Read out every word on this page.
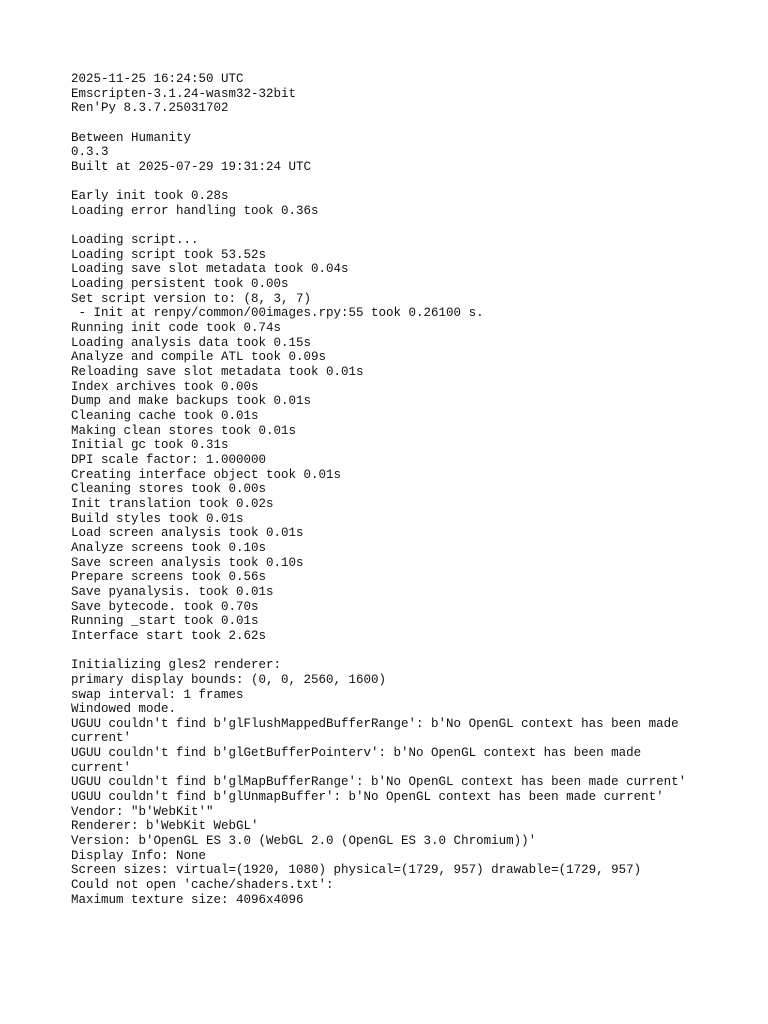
2025-11-25 16:24:50 UTC
Emscripten-3.1.24-wasm32-32bit
Ren'Py 8.3.7.25031702
Between Humanity
0.3.3
Built at 2025-07-29 19:31:24 UTC
Early init took 0.28s
Loading error handling took 0.36s
Loading script...
Loading script took 53.52s
Loading save slot metadata took 0.04s
Loading persistent took 0.00s
Set script version to: (8, 3, 7)
- Init at renpy/common/00images.rpy:55 took 0.26100 s.
Running init code took 0.74s
Loading analysis data took 0.15s
Analyze and compile ATL took 0.09s
Reloading save slot metadata took 0.01s
Index archives took 0.00s
Dump and make backups took 0.01s
Cleaning cache took 0.01s
Making clean stores took 0.01s
Initial gc took 0.31s
DPI scale factor: 1.000000
Creating interface object took 0.01s
Cleaning stores took 0.00s
Init translation took 0.02s
Build styles took 0.01s
Load screen analysis took 0.01s
Analyze screens took 0.10s
Save screen analysis took 0.10s
Prepare screens took 0.56s
Save pyanalysis. took 0.01s
Save bytecode. took 0.70s
Running _start took 0.01s
Interface start took 2.62s
Initializing gles2 renderer:
primary display bounds: (0, 0, 2560, 1600)
swap interval: 1 frames
Windowed mode.
UGUU couldn't find b'glFlushMappedBufferRange': b'No OpenGL context has been made
current'
UGUU couldn't find b'glGetBufferPointerv': b'No OpenGL context has been made
current'
UGUU couldn't find b'glMapBufferRange': b'No OpenGL context has been made current'
UGUU couldn't find b'glUnmapBuffer': b'No OpenGL context has been made current'
Vendor: "b'WebKit'"
Renderer: b'WebKit WebGL'
Version: b'OpenGL ES 3.0 (WebGL 2.0 (OpenGL ES 3.0 Chromium))'
Display Info: None
Screen sizes: virtual=(1920, 1080) physical=(1729, 957) drawable=(1729, 957)
Could not open 'cache/shaders.txt':
Maximum texture size: 4096x4096
